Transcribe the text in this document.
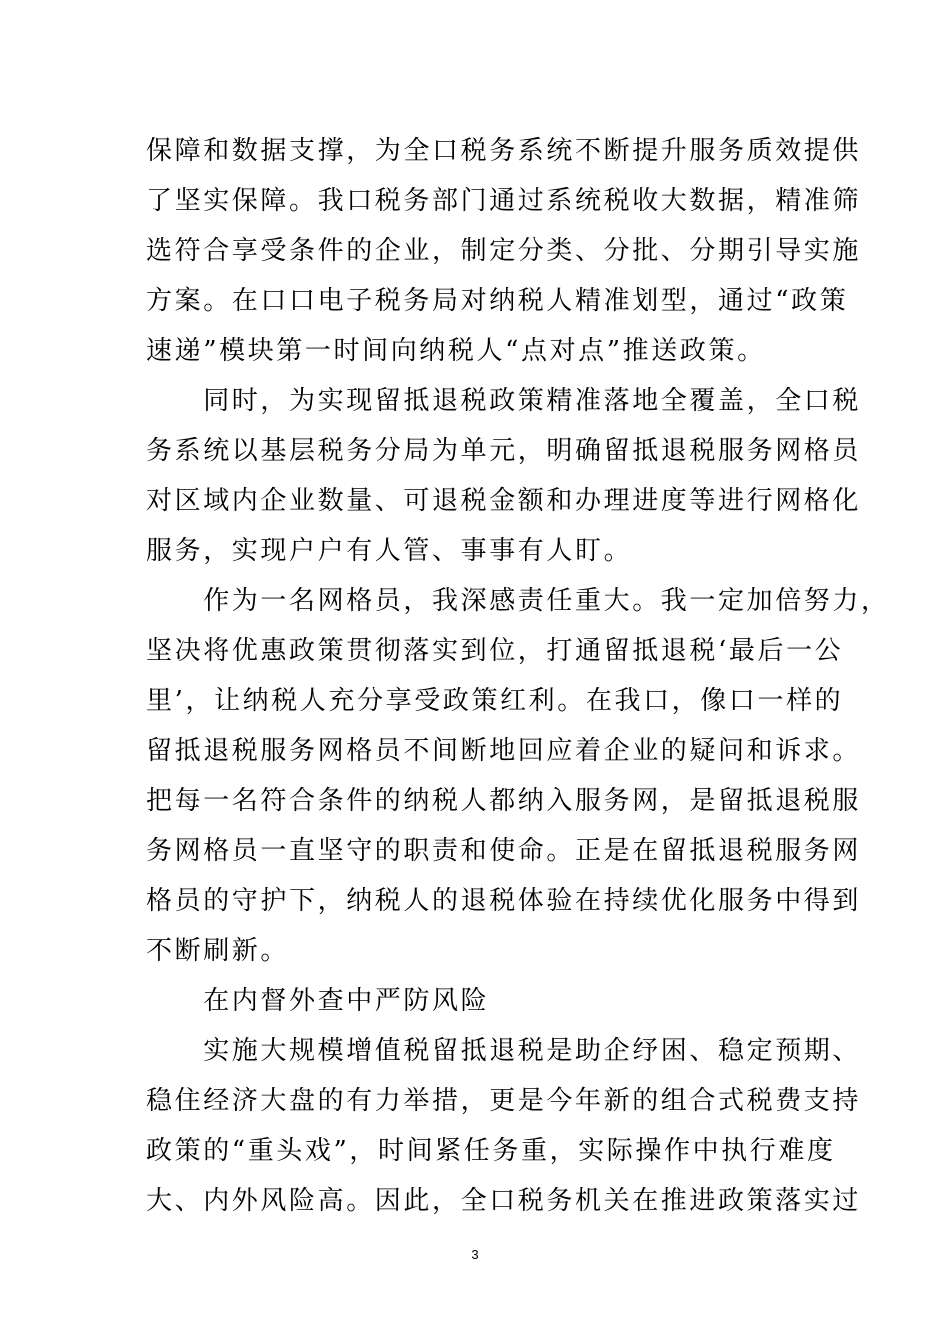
保障和数据支撑，为全口税务系统不断提升服务质效提供
了坚实保障。我口税务部门通过系统税收大数据，精准筛
选符合享受条件的企业，制定分类、分批、分期引导实施
方案。在口口电子税务局对纳税人精准划型，通过“政策
速递”模块第一时间向纳税人“点对点”推送政策。
　　同时，为实现留抵退税政策精准落地全覆盖，全口税
务系统以基层税务分局为单元，明确留抵退税服务网格员
对区域内企业数量、可退税金额和办理进度等进行网格化
服务，实现户户有人管、事事有人盯。
　　作为一名网格员，我深感责任重大。我一定加倍努力，
坚决将优惠政策贯彻落实到位，打通留抵退税‘最后一公
里’，让纳税人充分享受政策红利。在我口，像口一样的
留抵退税服务网格员不间断地回应着企业的疑问和诉求。
把每一名符合条件的纳税人都纳入服务网，是留抵退税服
务网格员一直坚守的职责和使命。正是在留抵退税服务网
格员的守护下，纳税人的退税体验在持续优化服务中得到
不断刷新。
　　在内督外查中严防风险
　　实施大规模增值税留抵退税是助企纾困、稳定预期、
稳住经济大盘的有力举措，更是今年新的组合式税费支持
政策的“重头戏”，时间紧任务重，实际操作中执行难度
大、内外风险高。因此，全口税务机关在推进政策落实过
3
